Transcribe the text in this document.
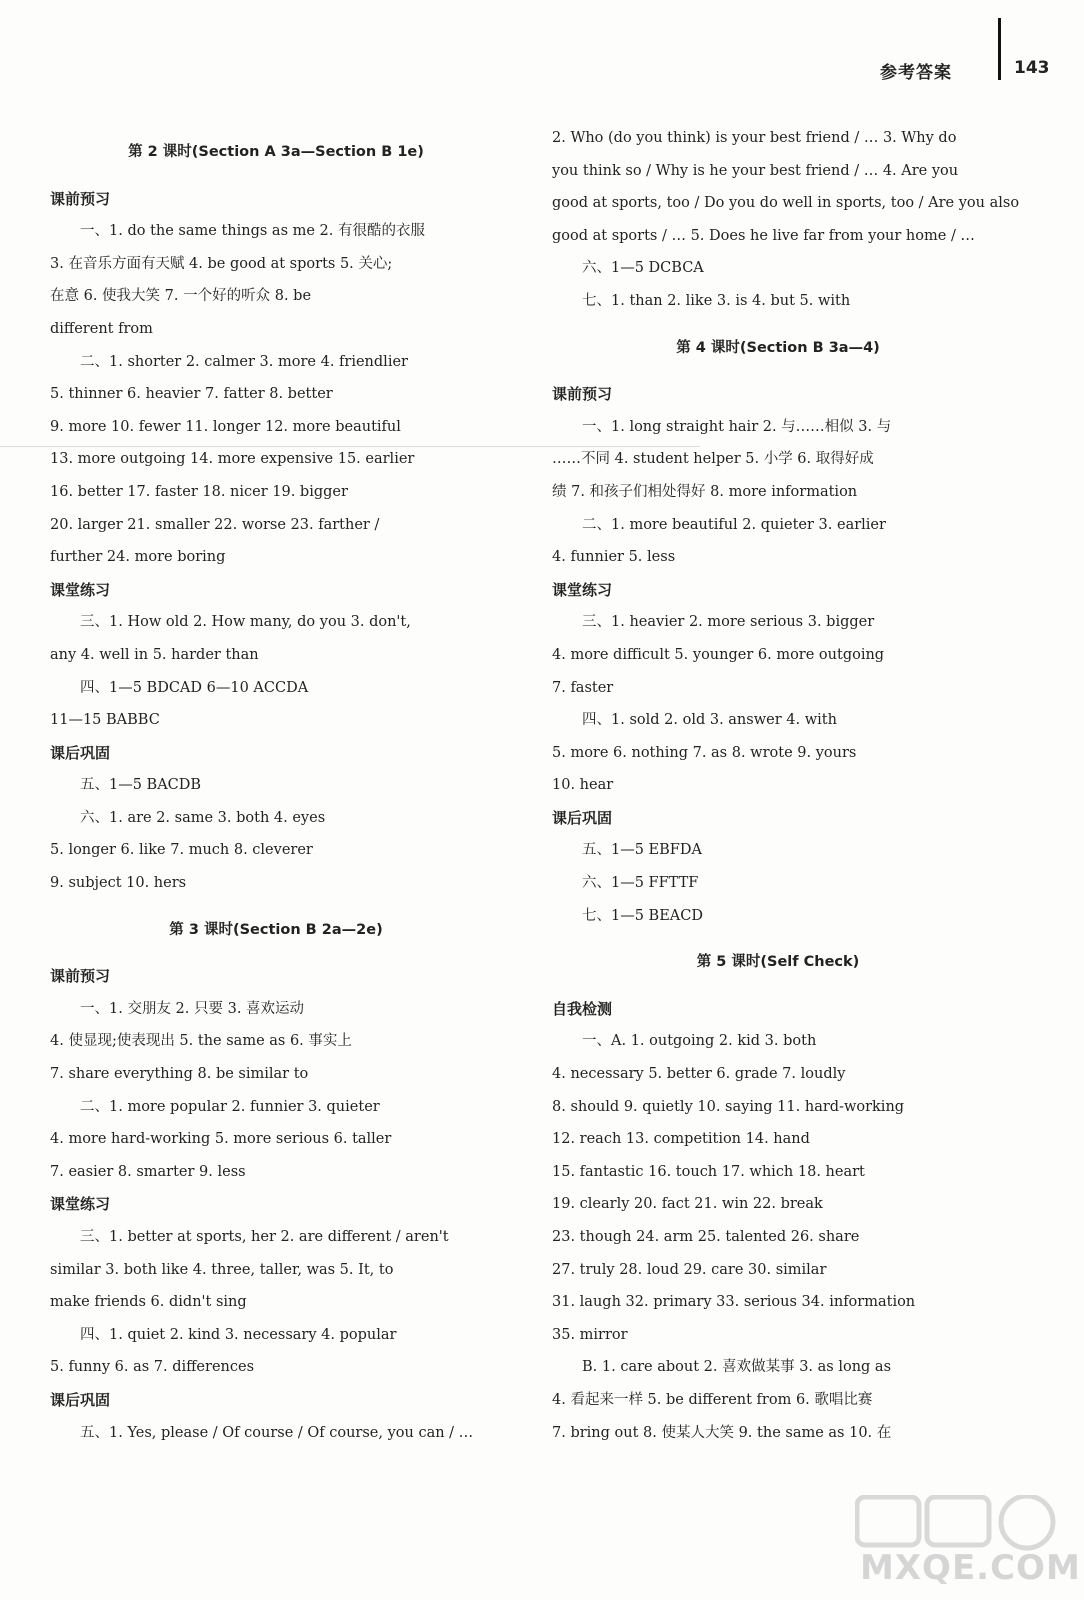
参考答案	143
第 2 课时(Section A 3a—Section B 1e)
课前预习
一、1. do the same things as me 2. 有很酷的衣服
3. 在音乐方面有天赋 4. be good at sports 5. 关心;
在意 6. 使我大笑 7. 一个好的听众 8. be
different from
二、1. shorter 2. calmer 3. more 4. friendlier
5. thinner 6. heavier 7. fatter 8. better
9. more 10. fewer 11. longer 12. more beautiful
13. more outgoing 14. more expensive 15. earlier
16. better 17. faster 18. nicer 19. bigger
20. larger 21. smaller 22. worse 23. farther /
further 24. more boring
课堂练习
三、1. How old 2. How many, do you 3. don't,
any 4. well in 5. harder than
四、1—5 BDCAD 6—10 ACCDA
11—15 BABBC
课后巩固
五、1—5 BACDB
六、1. are 2. same 3. both 4. eyes
5. longer 6. like 7. much 8. cleverer
9. subject 10. hers
第 3 课时(Section B 2a—2e)
课前预习
一、1. 交朋友 2. 只要 3. 喜欢运动
4. 使显现;使表现出 5. the same as 6. 事实上
7. share everything 8. be similar to
二、1. more popular 2. funnier 3. quieter
4. more hard-working 5. more serious 6. taller
7. easier 8. smarter 9. less
课堂练习
三、1. better at sports, her 2. are different / aren't
similar 3. both like 4. three, taller, was 5. It, to
make friends 6. didn't sing
四、1. quiet 2. kind 3. necessary 4. popular
5. funny 6. as 7. differences
课后巩固
五、1. Yes, please / Of course / Of course, you can / …
2. Who (do you think) is your best friend / … 3. Why do
you think so / Why is he your best friend / … 4. Are you
good at sports, too / Do you do well in sports, too / Are you also
good at sports / … 5. Does he live far from your home / …
六、1—5 DCBCA
七、1. than 2. like 3. is 4. but 5. with
第 4 课时(Section B 3a—4)
课前预习
一、1. long straight hair 2. 与……相似 3. 与
……不同 4. student helper 5. 小学 6. 取得好成
绩 7. 和孩子们相处得好 8. more information
二、1. more beautiful 2. quieter 3. earlier
4. funnier 5. less
课堂练习
三、1. heavier 2. more serious 3. bigger
4. more difficult 5. younger 6. more outgoing
7. faster
四、1. sold 2. old 3. answer 4. with
5. more 6. nothing 7. as 8. wrote 9. yours
10. hear
课后巩固
五、1—5 EBFDA
六、1—5 FFTTF
七、1—5 BEACD
第 5 课时(Self Check)
自我检测
一、A. 1. outgoing 2. kid 3. both
4. necessary 5. better 6. grade 7. loudly
8. should 9. quietly 10. saying 11. hard-working
12. reach 13. competition 14. hand
15. fantastic 16. touch 17. which 18. heart
19. clearly 20. fact 21. win 22. break
23. though 24. arm 25. talented 26. share
27. truly 28. loud 29. care 30. similar
31. laugh 32. primary 33. serious 34. information
35. mirror
B. 1. care about 2. 喜欢做某事 3. as long as
4. 看起来一样 5. be different from 6. 歌唱比赛
7. bring out 8. 使某人大笑 9. the same as 10. 在
MXQE.COM
